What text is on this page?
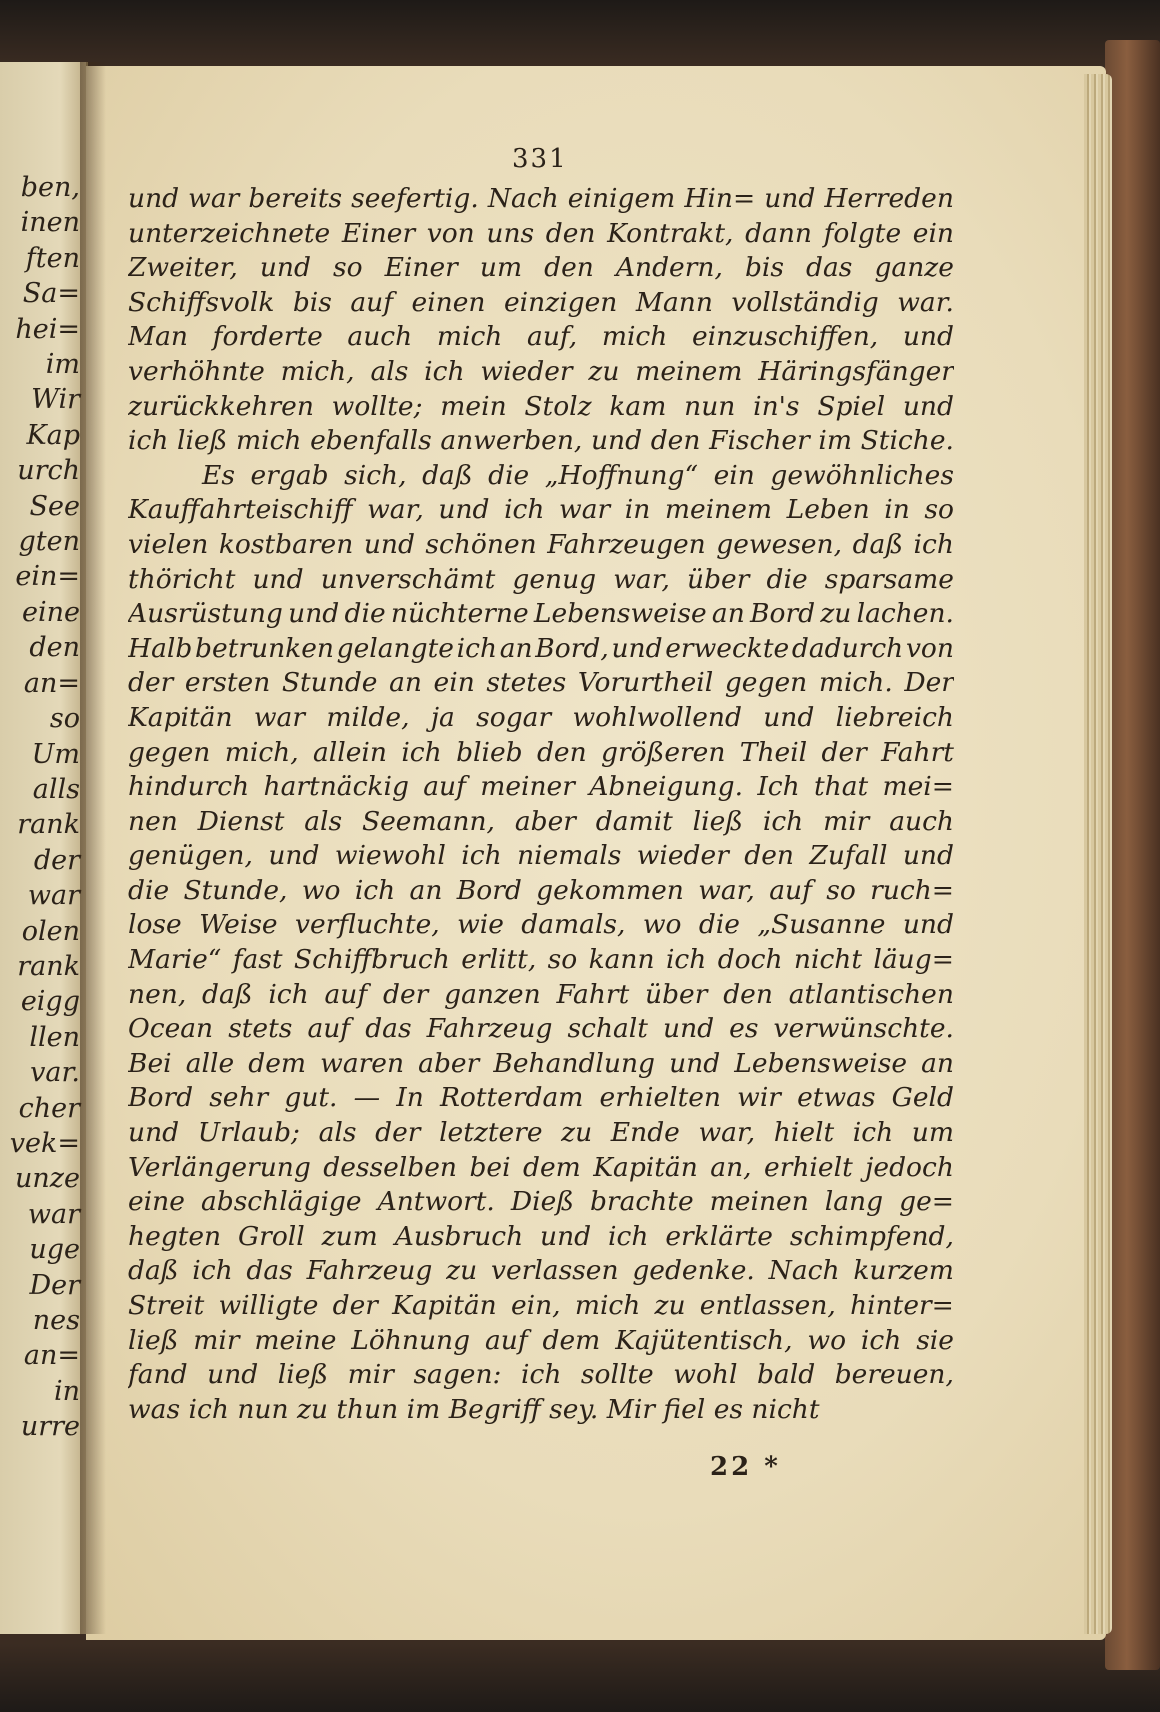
ben,
inen
ften
Sa=
hei=
im
Wir
Kap
urch
See
gten
ein=
eine
den
an=
so
Um
alls
rank
der
war
olen
rank
eigg
llen
var.
cher
vek=
unze
war
uge
Der
nes
an=
in
urre
331
und war bereits seefertig. Nach einigem Hin= und Herreden
unterzeichnete Einer von uns den Kontrakt, dann folgte ein
Zweiter, und so Einer um den Andern, bis das ganze
Schiffsvolk bis auf einen einzigen Mann vollständig war.
Man forderte auch mich auf, mich einzuschiffen, und
verhöhnte mich, als ich wieder zu meinem Häringsfänger
zurückkehren wollte; mein Stolz kam nun in's Spiel und
ich ließ mich ebenfalls anwerben, und den Fischer im Stiche.
Es ergab sich, daß die „Hoffnung“ ein gewöhnliches
Kauffahrteischiff war, und ich war in meinem Leben in so
vielen kostbaren und schönen Fahrzeugen gewesen, daß ich
thöricht und unverschämt genug war, über die sparsame
Ausrüstung und die nüchterne Lebensweise an Bord zu lachen.
Halb betrunken gelangte ich an Bord, und erweckte dadurch von
der ersten Stunde an ein stetes Vorurtheil gegen mich. Der
Kapitän war milde, ja sogar wohlwollend und liebreich
gegen mich, allein ich blieb den größeren Theil der Fahrt
hindurch hartnäckig auf meiner Abneigung. Ich that mei=
nen Dienst als Seemann, aber damit ließ ich mir auch
genügen, und wiewohl ich niemals wieder den Zufall und
die Stunde, wo ich an Bord gekommen war, auf so ruch=
lose Weise verfluchte, wie damals, wo die „Susanne und
Marie“ fast Schiffbruch erlitt, so kann ich doch nicht läug=
nen, daß ich auf der ganzen Fahrt über den atlantischen
Ocean stets auf das Fahrzeug schalt und es verwünschte.
Bei alle dem waren aber Behandlung und Lebensweise an
Bord sehr gut. — In Rotterdam erhielten wir etwas Geld
und Urlaub; als der letztere zu Ende war, hielt ich um
Verlängerung desselben bei dem Kapitän an, erhielt jedoch
eine abschlägige Antwort. Dieß brachte meinen lang ge=
hegten Groll zum Ausbruch und ich erklärte schimpfend,
daß ich das Fahrzeug zu verlassen gedenke. Nach kurzem
Streit willigte der Kapitän ein, mich zu entlassen, hinter=
ließ mir meine Löhnung auf dem Kajütentisch, wo ich sie
fand und ließ mir sagen: ich sollte wohl bald bereuen,
was ich nun zu thun im Begriff sey. Mir fiel es nicht
22 *
